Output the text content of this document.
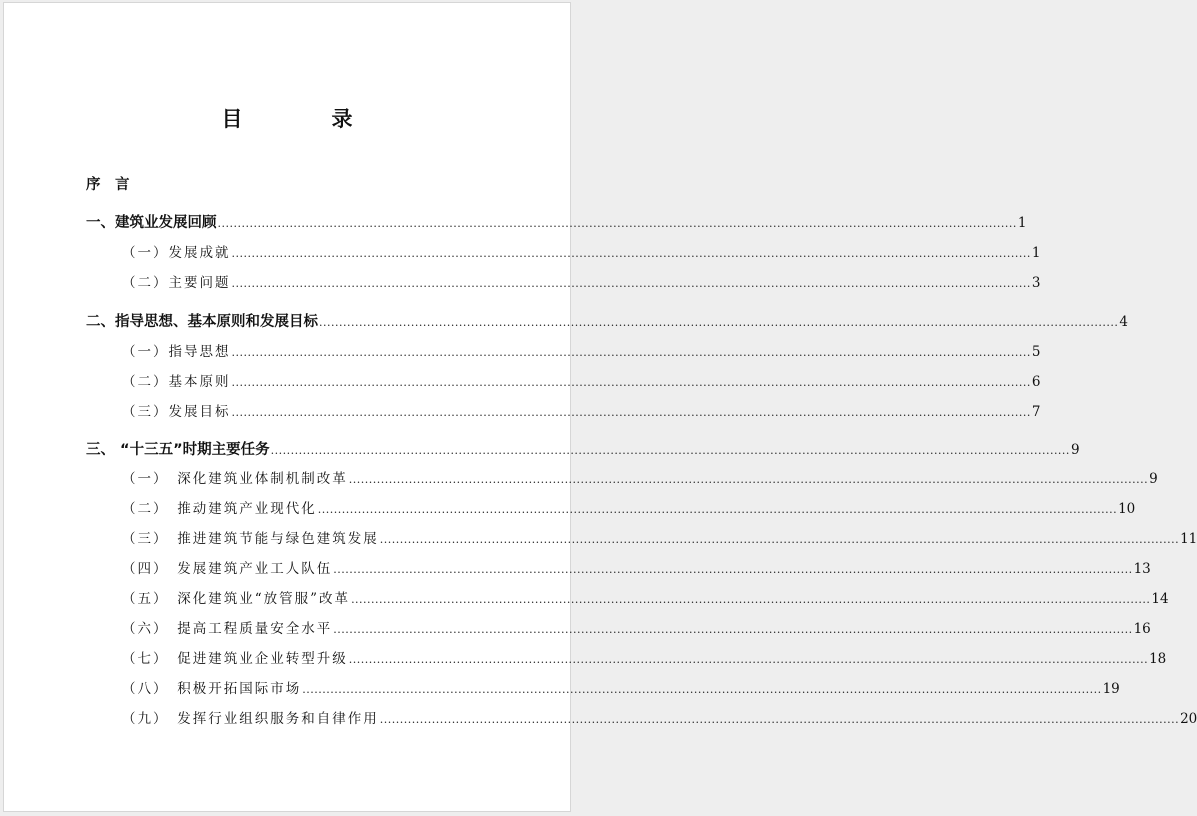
目　录
序　言
一、建筑业发展回顾 ........................................................................................................................................................................................................ 1
（一）发展成就 ........................................................................................................................................................................................................ 1
（二）主要问题 ........................................................................................................................................................................................................ 3
二、指导思想、基本原则和发展目标 ........................................................................................................................................................................................................ 4
（一）指导思想 ........................................................................................................................................................................................................ 5
（二）基本原则 ........................................................................................................................................................................................................ 6
（三）发展目标 ........................................................................................................................................................................................................ 7
三、 “十三五”时期主要任务 ........................................................................................................................................................................................................ 9
（一）　深化建筑业体制机制改革 ........................................................................................................................................................................................................ 9
（二）　推动建筑产业现代化 ........................................................................................................................................................................................................ 10
（三）　推进建筑节能与绿色建筑发展 ........................................................................................................................................................................................................ 11
（四）　发展建筑产业工人队伍 ........................................................................................................................................................................................................ 13
（五）　深化建筑业“放管服”改革 ........................................................................................................................................................................................................ 14
（六）　提高工程质量安全水平 ........................................................................................................................................................................................................ 16
（七）　促进建筑业企业转型升级 ........................................................................................................................................................................................................ 18
（八）　积极开拓国际市场 ........................................................................................................................................................................................................ 19
（九）　发挥行业组织服务和自律作用 ........................................................................................................................................................................................................ 20
